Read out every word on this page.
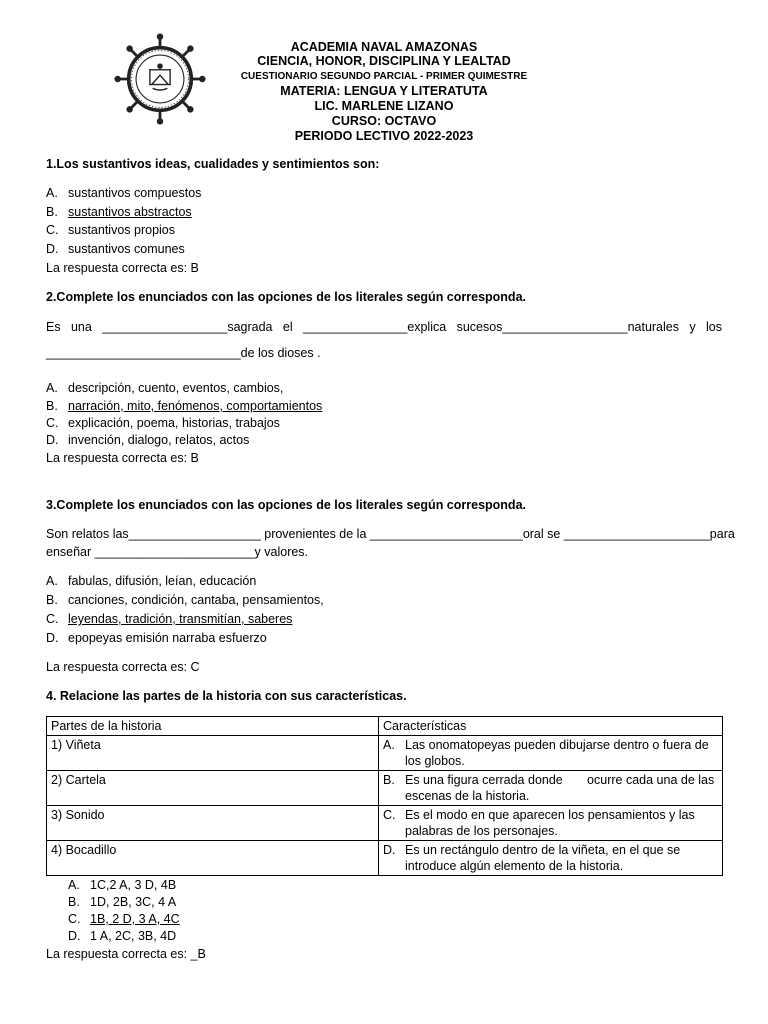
ACADEMIA NAVAL AMAZONAS
CIENCIA, HONOR, DISCIPLINA Y LEALTAD
CUESTIONARIO SEGUNDO PARCIAL - PRIMER QUIMESTRE
MATERIA: LENGUA Y LITERATUTA
LIC. MARLENE LIZANO
CURSO: OCTAVO
PERIODO LECTIVO 2022-2023
1.Los sustantivos ideas, cualidades y sentimientos son:
A. sustantivos compuestos
B. sustantivos abstractos
C. sustantivos propios
D. sustantivos comunes
La respuesta correcta es: B
2.Complete los enunciados con las opciones de los literales según corresponda.
Es una __________________sagrada el _______________explica sucesos__________________naturales y los
____________________________de los dioses .
A. descripción, cuento, eventos, cambios,
B. narración, mito, fenómenos, comportamientos
C. explicación, poema, historias, trabajos
D. invención, dialogo, relatos, actos
La respuesta correcta es: B
3.Complete los enunciados con las opciones de los literales según corresponda.
Son relatos las___________________ provenientes de la ______________________oral se _____________________ para
enseñar _______________________y valores.
A. fabulas, difusión, leían, educación
B. canciones, condición, cantaba, pensamientos,
C. leyendas, tradición, transmitían, saberes
D. epopeyas emisión narraba esfuerzo
La respuesta correcta es: C
4. Relacione las partes de la historia con sus características.
Partes de la historia	Características
1) Viñeta	A. Las onomatopeyas pueden dibujarse dentro o fuera de los globos.
2) Cartela	B. Es una figura cerrada donde       ocurre cada una de las escenas de la historia.
3) Sonido	C. Es el modo en que aparecen los pensamientos y las palabras de los personajes.
4) Bocadillo	D. Es un rectángulo dentro de la viñeta, en el que se introduce algún elemento de la historia.
A. 1C,2 A, 3 D, 4B
B. 1D, 2B, 3C, 4 A
C. 1B, 2 D, 3 A, 4C
D. 1 A, 2C, 3B, 4D
La respuesta correcta es: _B
